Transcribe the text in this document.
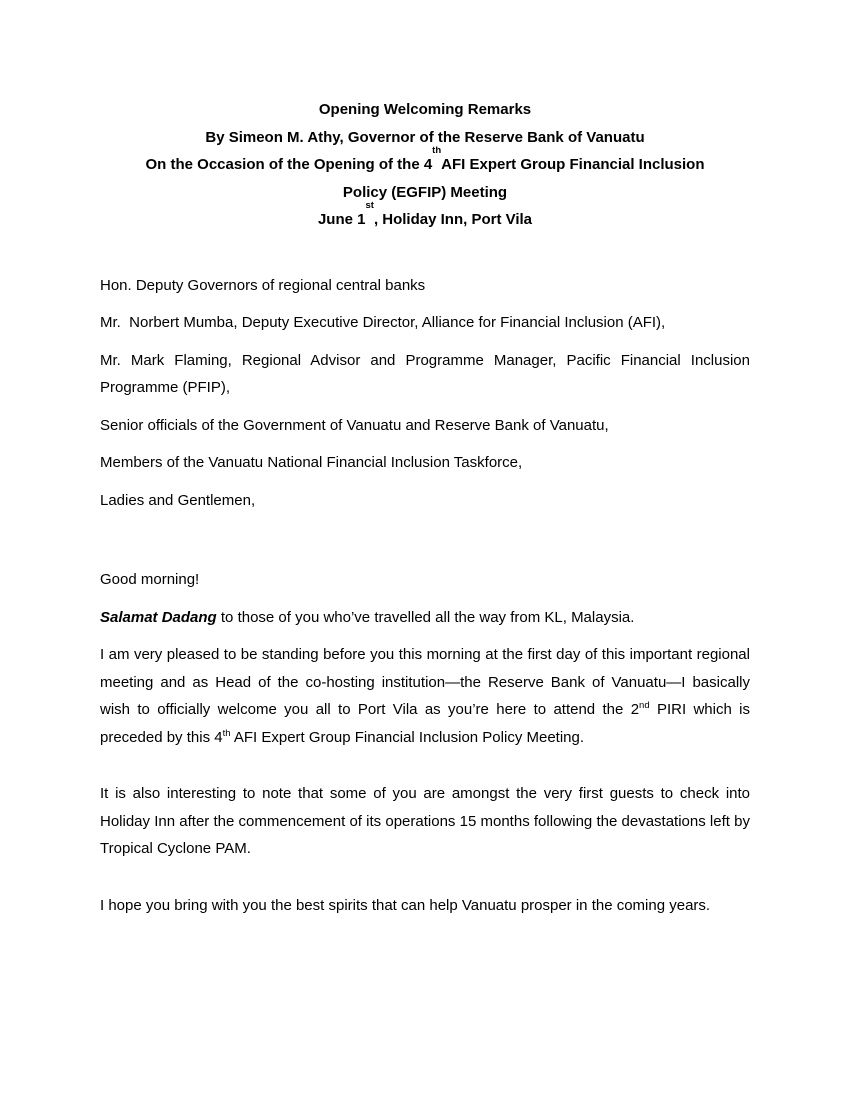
Opening Welcoming Remarks
By Simeon M. Athy, Governor of the Reserve Bank of Vanuatu
On the Occasion of the Opening of the 4
th
AFI Expert Group Financial Inclusion
Policy (EGFIP) Meeting
June 1
st
, Holiday Inn, Port Vila

Hon. Deputy Governors of regional central banks

Mr.  Norbert Mumba, Deputy Executive Director, Alliance for Financial Inclusion (AFI),

Mr. Mark Flaming, Regional Advisor and Programme Manager, Pacific Financial Inclusion Programme (PFIP),

Senior officials of the Government of Vanuatu and Reserve Bank of Vanuatu,

Members of the Vanuatu National Financial Inclusion Taskforce,

Ladies and Gentlemen,

Good morning!

Salamat Dadang to those of you who’ve travelled all the way from KL, Malaysia.

I am very pleased to be standing before you this morning at the first day of this important regional meeting and as Head of the co-hosting institution—the Reserve Bank of Vanuatu—I basically wish to officially welcome you all to Port Vila as you’re here to attend the 2nd PIRI which is preceded by this 4th AFI Expert Group Financial Inclusion Policy Meeting.

It is also interesting to note that some of you are amongst the very first guests to check into Holiday Inn after the commencement of its operations 15 months following the devastations left by Tropical Cyclone PAM.

I hope you bring with you the best spirits that can help Vanuatu prosper in the coming years.
